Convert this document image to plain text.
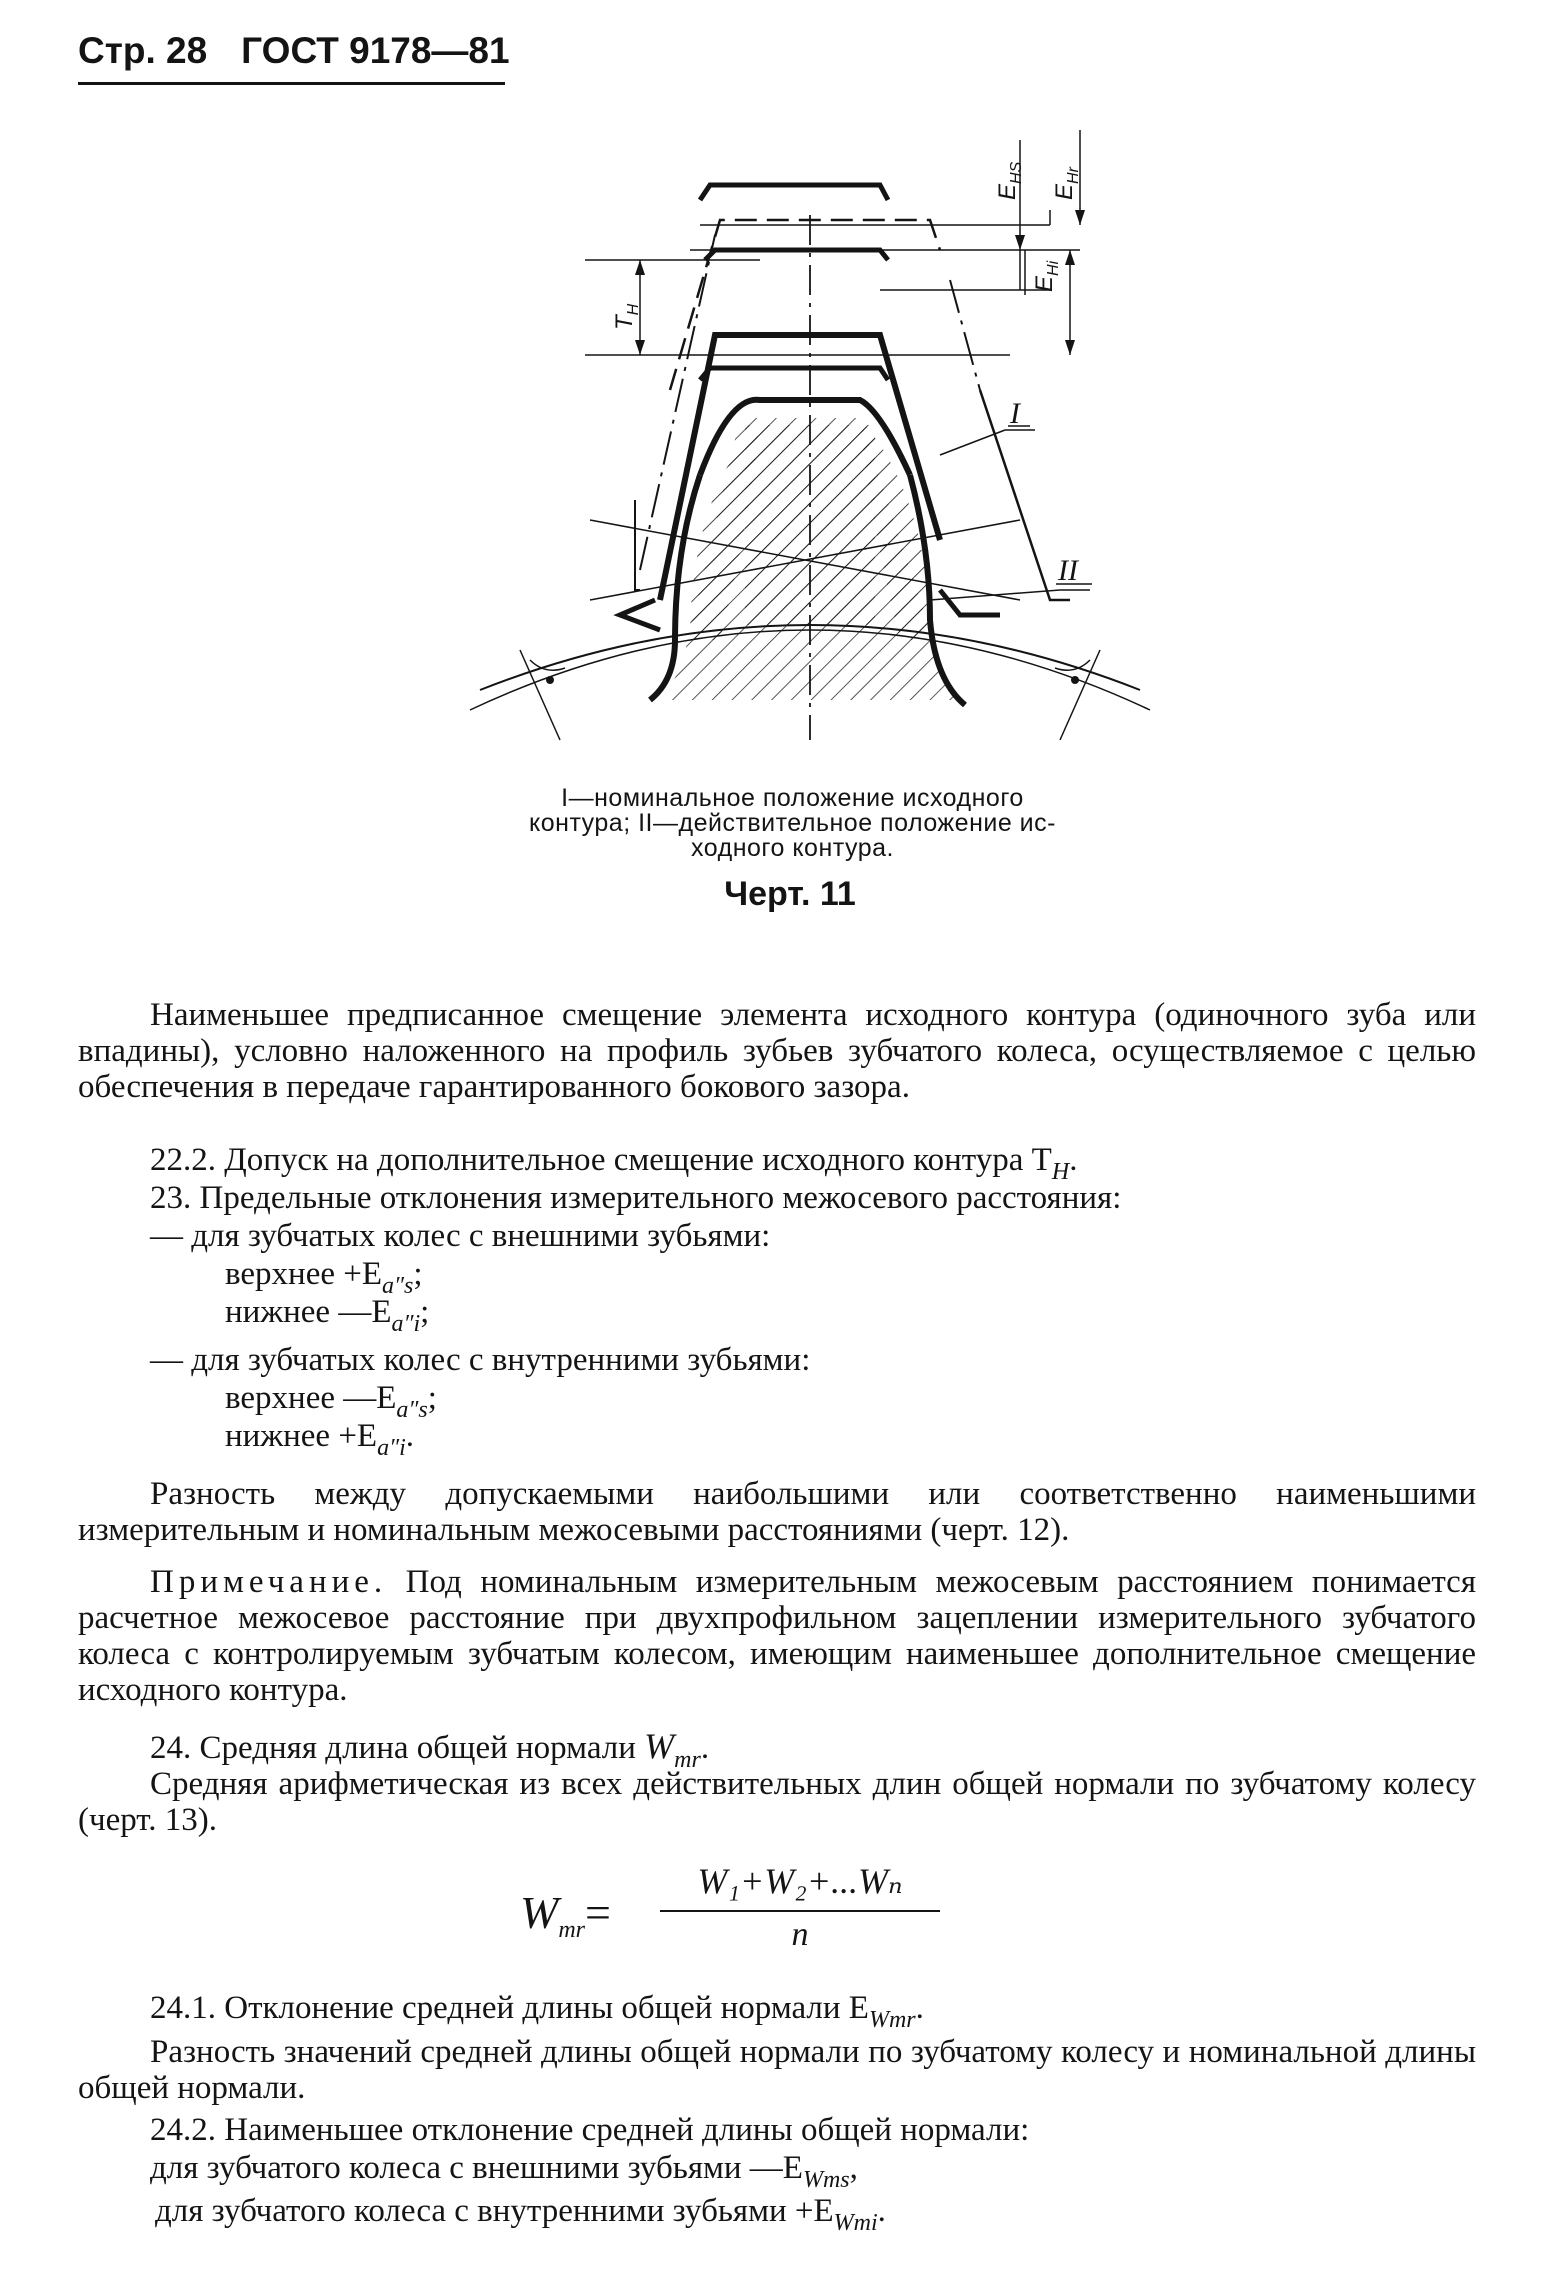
Стр. 28 ГОСТ 9178—81
$E_{HS}$
$E_{Hr}$
$E_{Hi}$
$T_H$
I
II
I—номинальное положение исходного
контура; II—действительное положение ис-
ходного контура.
Черт. 11
Наименьшее предписанное смещение элемента исходного контура (одиночного зуба или впадины), условно наложенного на профиль зубьев зубчатого колеса, осуществляемое с целью обеспечения в передаче гарантированного бокового зазора.
22.2. Допуск на дополнительное смещение исходного контура $T_H$.
23. Предельные отклонения измерительного межосевого расстояния:
— для зубчатых колес с внешними зубьями:
верхнее $+E_{a''s}$;
нижнее $—E_{a''i}$;
— для зубчатых колес с внутренними зубьями:
верхнее $—E_{a''s}$;
нижнее $+E_{a''i}$.
Разность между допускаемыми наибольшими или соответственно наименьшими измерительным и номинальным межосевыми расстояниями (черт. 12).
Примечание. Под номинальным измерительным межосевым расстоянием понимается расчетное межосевое расстояние при двухпрофильном зацеплении измерительного зубчатого колеса с контролируемым зубчатым колесом, имеющим наименьшее дополнительное смещение исходного контура.
24. Средняя длина общей нормали $W_{mr}$.
Средняя арифметическая из всех действительных длин общей нормали по зубчатому колесу (черт. 13).
$W_{mr}=$
W₁+W₂+...Wₙ
n
24.1. Отклонение средней длины общей нормали $E_{Wmr}$.
Разность значений средней длины общей нормали по зубчатому колесу и номинальной длины общей нормали.
24.2. Наименьшее отклонение средней длины общей нормали:
для зубчатого колеса с внешними зубьями $—E_{Wms}$,
для зубчатого колеса с внутренними зубьями $+E_{Wmi}$.
